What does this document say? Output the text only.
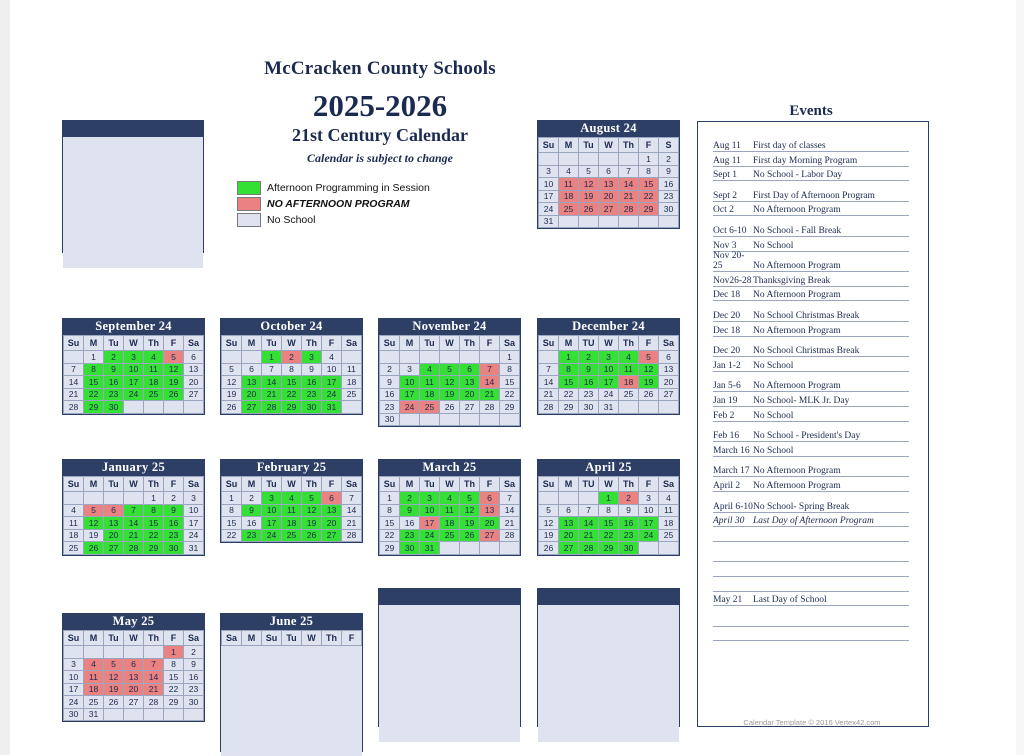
McCracken County Schools
2025-2026
21st Century Calendar
Calendar is subject to change
Afternoon Programming in Session
NO AFTERNOON PROGRAM
No School
August 24
Su	M	Tu	W	Th	F	S
					1	2
3	4	5	6	7	8	9
10	11	12	13	14	15	16
17	18	19	20	21	22	23
24	25	26	27	28	29	30
31						
September 24
Su	M	Tu	W	Th	F	Sa
	1	2	3	4	5	6
7	8	9	10	11	12	13
14	15	16	17	18	19	20
21	22	23	24	25	26	27
28	29	30				
October 24
Su	M	Tu	W	Th	F	Sa
		1	2	3	4	
5	6	7	8	9	10	11
12	13	14	15	16	17	18
19	20	21	22	23	24	25
26	27	28	29	30	31	
November 24
Su	M	Tu	W	Th	F	Sa
						1
2	3	4	5	6	7	8
9	10	11	12	13	14	15
16	17	18	19	20	21	22
23	24	25	26	27	28	29
30						
December 24
Su	M	TU	W	Th	F	Sa
	1	2	3	4	5	6
7	8	9	10	11	12	13
14	15	16	17	18	19	20
21	22	23	24	25	26	27
28	29	30	31			
January 25
Su	M	Tu	W	Th	F	Sa
				1	2	3
4	5	6	7	8	9	10
11	12	13	14	15	16	17
18	19	20	21	22	23	24
25	26	27	28	29	30	31
February 25
Su	M	Tu	W	Th	F	Sa
1	2	3	4	5	6	7
8	9	10	11	12	13	14
15	16	17	18	19	20	21
22	23	24	25	26	27	28
March 25
Su	M	Tu	W	Th	F	Sa
1	2	3	4	5	6	7
8	9	10	11	12	13	14
15	16	17	18	19	20	21
22	23	24	25	26	27	28
29	30	31				
April 25
Su	M	TU	W	Th	F	Sa
			1	2	3	4
5	6	7	8	9	10	11
12	13	14	15	16	17	18
19	20	21	22	23	24	25
26	27	28	29	30		
May 25
Su	M	Tu	W	Th	F	Sa
					1	2
3	4	5	6	7	8	9
10	11	12	13	14	15	16
17	18	19	20	21	22	23
24	25	26	27	28	29	30
30	31					
June 25
Sa	M	Su	Tu	W	Th	F
Events
Aug 11	First day of classes
Aug 11	First day Morning Program
Sept 1	No School - Labor Day
Sept 2	First Day of Afternoon Program
Oct 2	No Afternoon Program
Oct 6-10 No School - Fall Break
Nov 3	No School
Nov 20-25	No Afternoon Program
Nov26-28 Thanksgiving Break
Dec 18	No Afternoon Program
Dec 20	No School Christmas Break
Dec 18	No Afternoon Program
Dec 20	No School Christmas Break
Jan 1-2	No School
Jan 5-6	No Afternoon Program
Jan 19	No School- MLK Jr. Day
Feb 2	No School
Feb 16	No School - President's Day
March 16 No School
March 17 No Afternoon Program
April 2	No Afternoon Program
April 6-10 No School- Spring Break
April 30 Last Day of Afternoon Program
May 21	Last Day of School
Calendar Template © 2016 Vertex42.com
